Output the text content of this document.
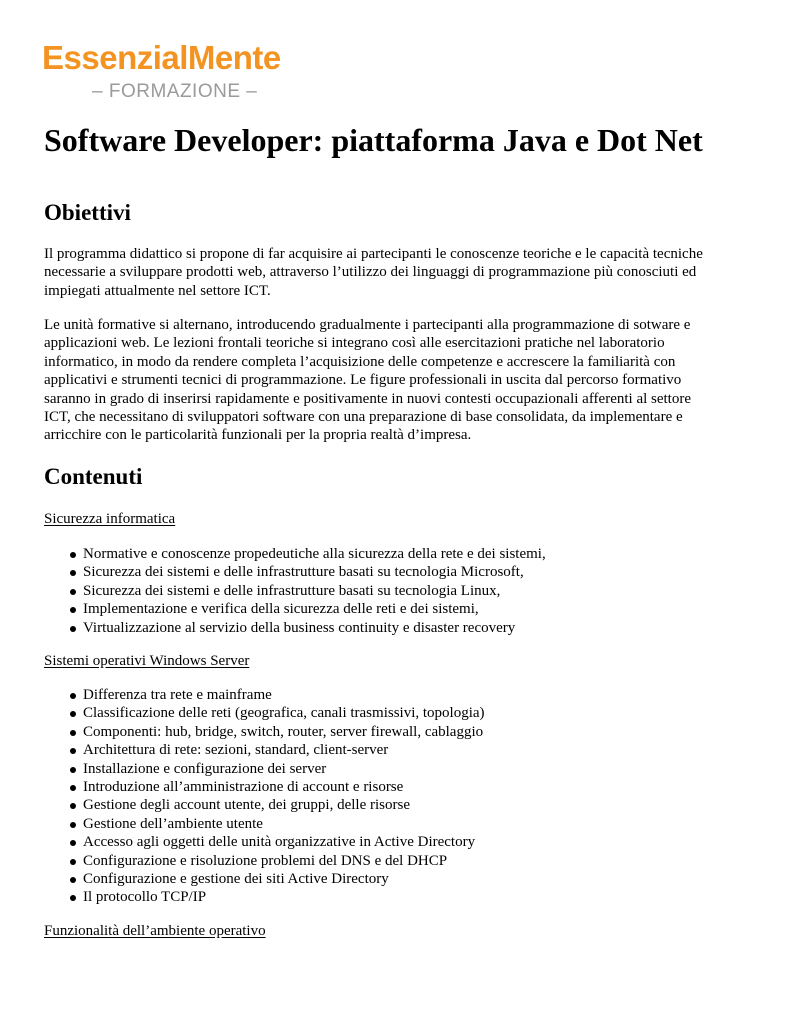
EssenzialMente
– FORMAZIONE –
Software Developer: piattaforma Java e Dot Net
Obiettivi

Il programma didattico si propone di far acquisire ai partecipanti le conoscenze teoriche e le capacità tecniche
necessarie a sviluppare prodotti web, attraverso l’utilizzo dei linguaggi di programmazione più conosciuti ed
impiegati attualmente nel settore ICT.

Le unità formative si alternano, introducendo gradualmente i partecipanti alla programmazione di sotware e
applicazioni web. Le lezioni frontali teoriche si integrano così alle esercitazioni pratiche nel laboratorio
informatico, in modo da rendere completa l’acquisizione delle competenze e accrescere la familiarità con
applicativi e strumenti tecnici di programmazione. Le figure professionali in uscita dal percorso formativo
saranno in grado di inserirsi rapidamente e positivamente in nuovi contesti occupazionali afferenti al settore
ICT, che necessitano di sviluppatori software con una preparazione di base consolidata, da implementare e
arricchire con le particolarità funzionali per la propria realtà d’impresa.

Contenuti
Sicurezza informatica
Normative e conoscenze propedeutiche alla sicurezza della rete e dei sistemi,
Sicurezza dei sistemi e delle infrastrutture basati su tecnologia Microsoft,
Sicurezza dei sistemi e delle infrastrutture basati su tecnologia Linux,
Implementazione e verifica della sicurezza delle reti e dei sistemi,
Virtualizzazione al servizio della business continuity e disaster recovery
Sistemi operativi Windows Server
Differenza tra rete e mainframe
Classificazione delle reti (geografica, canali trasmissivi, topologia)
Componenti: hub, bridge, switch, router, server firewall, cablaggio
Architettura di rete: sezioni, standard, client-server
Installazione e configurazione dei server
Introduzione all’amministrazione di account e risorse
Gestione degli account utente, dei gruppi, delle risorse
Gestione dell’ambiente utente
Accesso agli oggetti delle unità organizzative in Active Directory
Configurazione e risoluzione problemi del DNS e del DHCP
Configurazione e gestione dei siti Active Directory
Il protocollo TCP/IP
Funzionalità dell’ambiente operativo
